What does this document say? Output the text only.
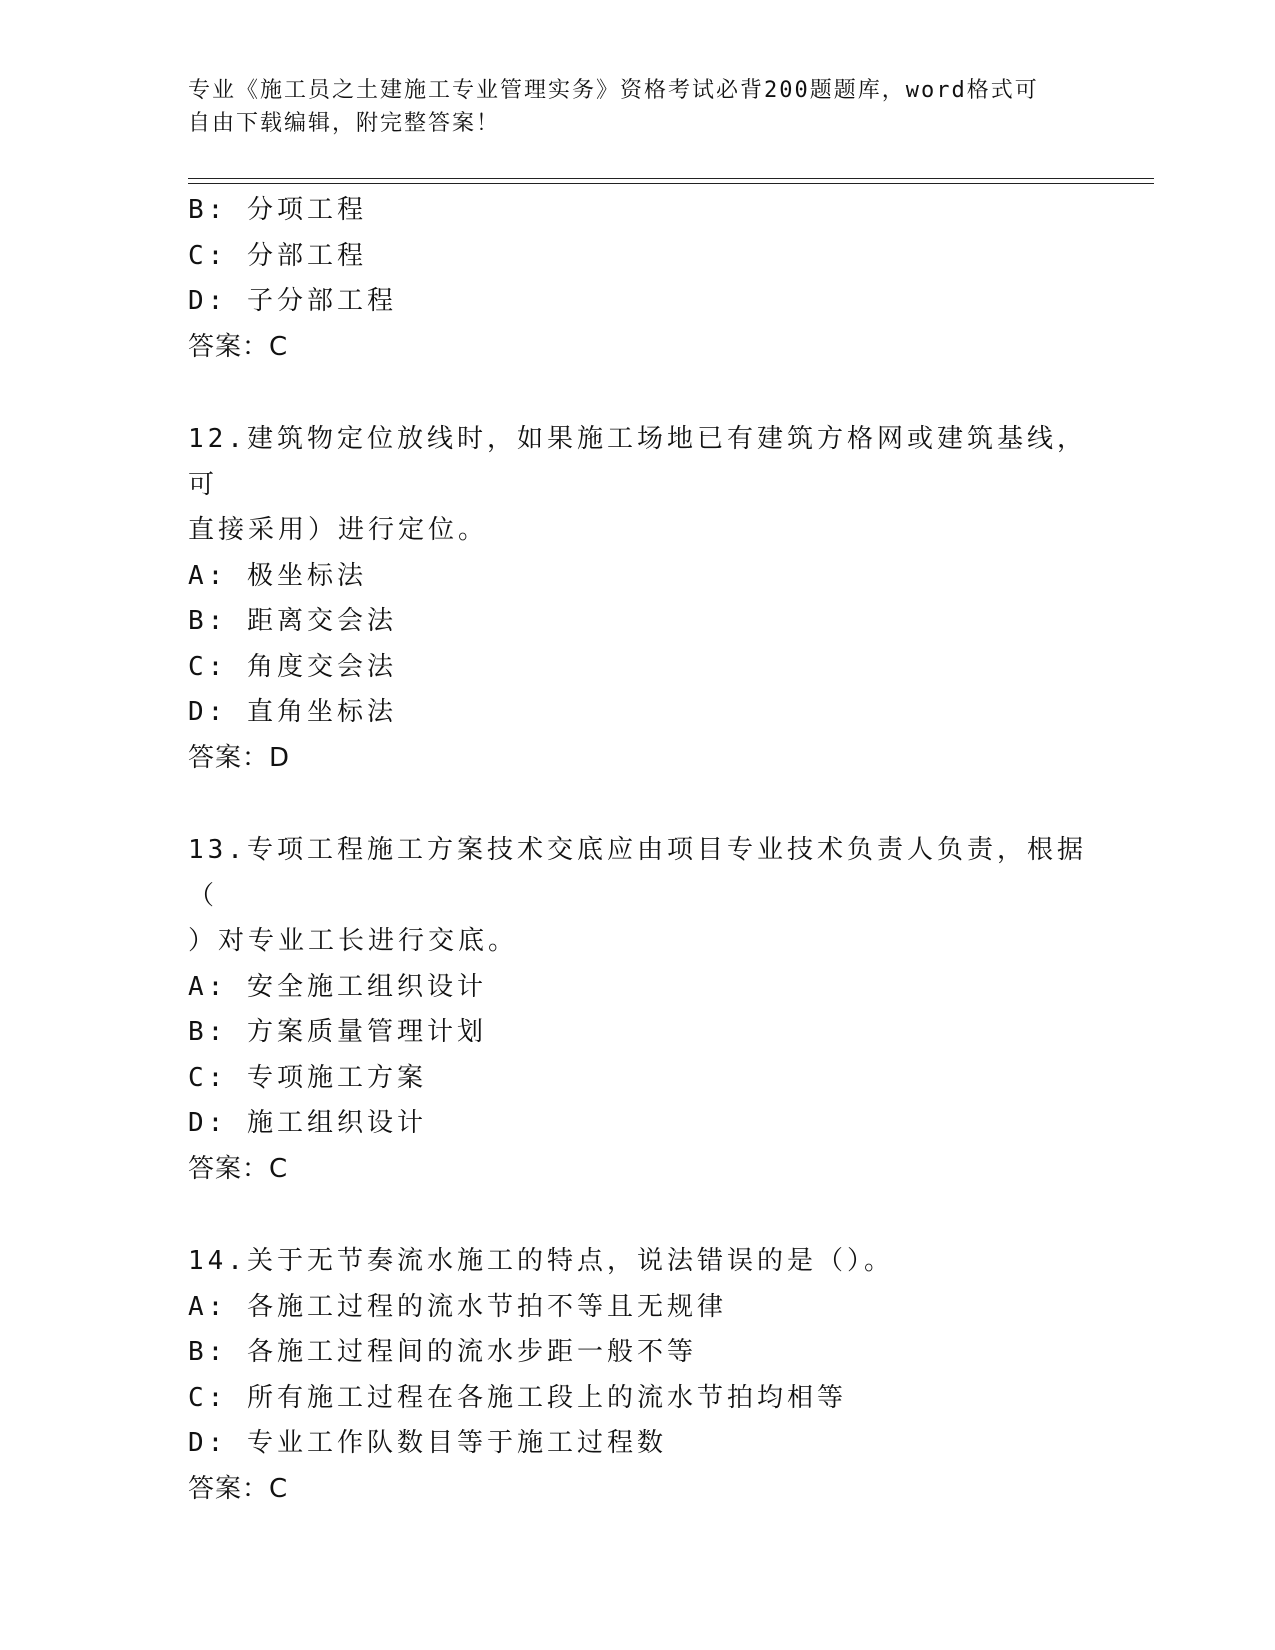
专业《施工员之土建施工专业管理实务》资格考试必背200题题库，word格式可
自由下载编辑，附完整答案！
B: 分项工程
C: 分部工程
D: 子分部工程
答案：C
12.建筑物定位放线时，如果施工场地已有建筑方格网或建筑基线，可
直接采用）进行定位。
A: 极坐标法
B: 距离交会法
C: 角度交会法
D: 直角坐标法
答案：D
13.专项工程施工方案技术交底应由项目专业技术负责人负责，根据（
）对专业工长进行交底。
A: 安全施工组织设计
B: 方案质量管理计划
C: 专项施工方案
D: 施工组织设计
答案：C
14.关于无节奏流水施工的特点，说法错误的是（）。
A: 各施工过程的流水节拍不等且无规律
B: 各施工过程间的流水步距一般不等
C: 所有施工过程在各施工段上的流水节拍均相等
D: 专业工作队数目等于施工过程数
答案：C
